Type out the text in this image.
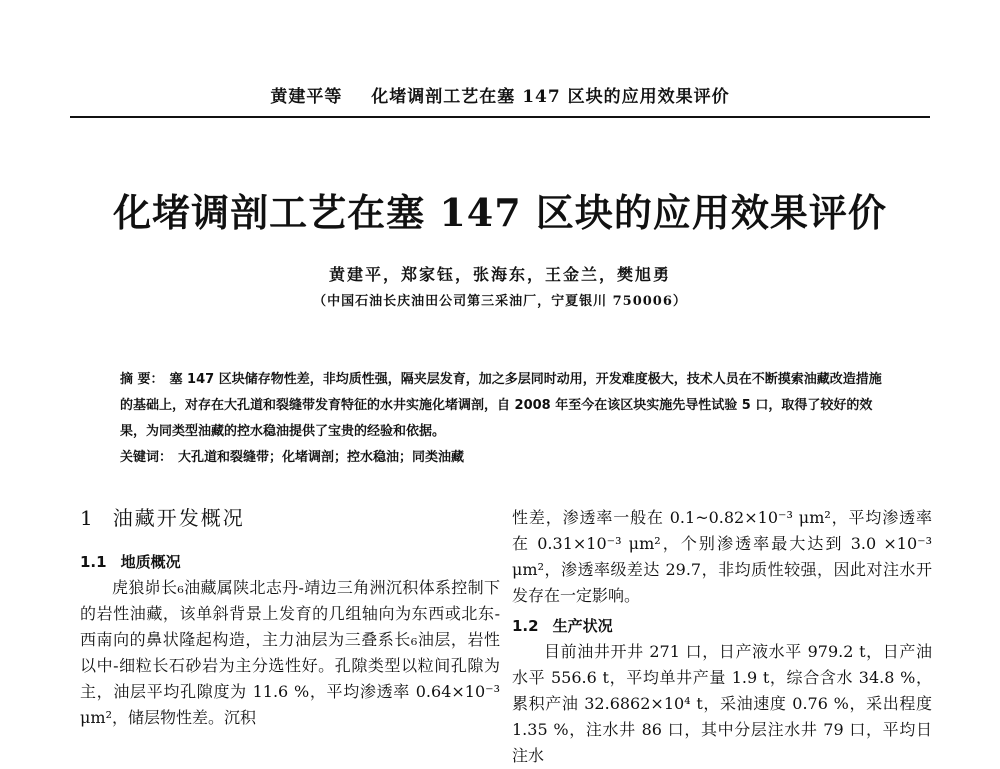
黄建平等 化堵调剖工艺在塞 147 区块的应用效果评价
化堵调剖工艺在塞 147 区块的应用效果评价
黄建平，郑家钰，张海东，王金兰，樊旭勇
（中国石油长庆油田公司第三采油厂，宁夏银川 750006）
摘 要： 塞 147 区块储存物性差，非均质性强，隔夹层发育，加之多层同时动用，开发难度极大，技术人员在不断摸索油藏改造措施的基础上，对存在大孔道和裂缝带发育特征的水井实施化堵调剖，自 2008 年至今在该区块实施先导性试验 5 口，取得了较好的效果，为同类型油藏的控水稳油提供了宝贵的经验和依据。
关键词： 大孔道和裂缝带；化堵调剖；控水稳油；同类油藏
1 油藏开发概况
1.1 地质概况

虎狼峁长₆油藏属陕北志丹-靖边三角洲沉积体系控制下的岩性油藏，该单斜背景上发育的几组轴向为东西或北东-西南向的鼻状隆起构造，主力油层为三叠系长₆油层，岩性以中-细粒长石砂岩为主分选性好。孔隙类型以粒间孔隙为主，油层平均孔隙度为 11.6 %，平均渗透率 0.64×10⁻³ μm²，储层物性差。沉积

性差，渗透率一般在 0.1~0.82×10⁻³ μm²，平均渗透率在 0.31×10⁻³ μm²，个别渗透率最大达到 3.0 ×10⁻³ μm²，渗透率级差达 29.7，非均质性较强，因此对注水开发存在一定影响。

1.2 生产状况

目前油井开井 271 口，日产液水平 979.2 t，日产油水平 556.6 t，平均单井产量 1.9 t，综合含水 34.8 %，累积产油 32.6862×10⁴ t，采油速度 0.76 %，采出程度 1.35 %，注水井 86 口，其中分层注水井 79 口，平均日注水
